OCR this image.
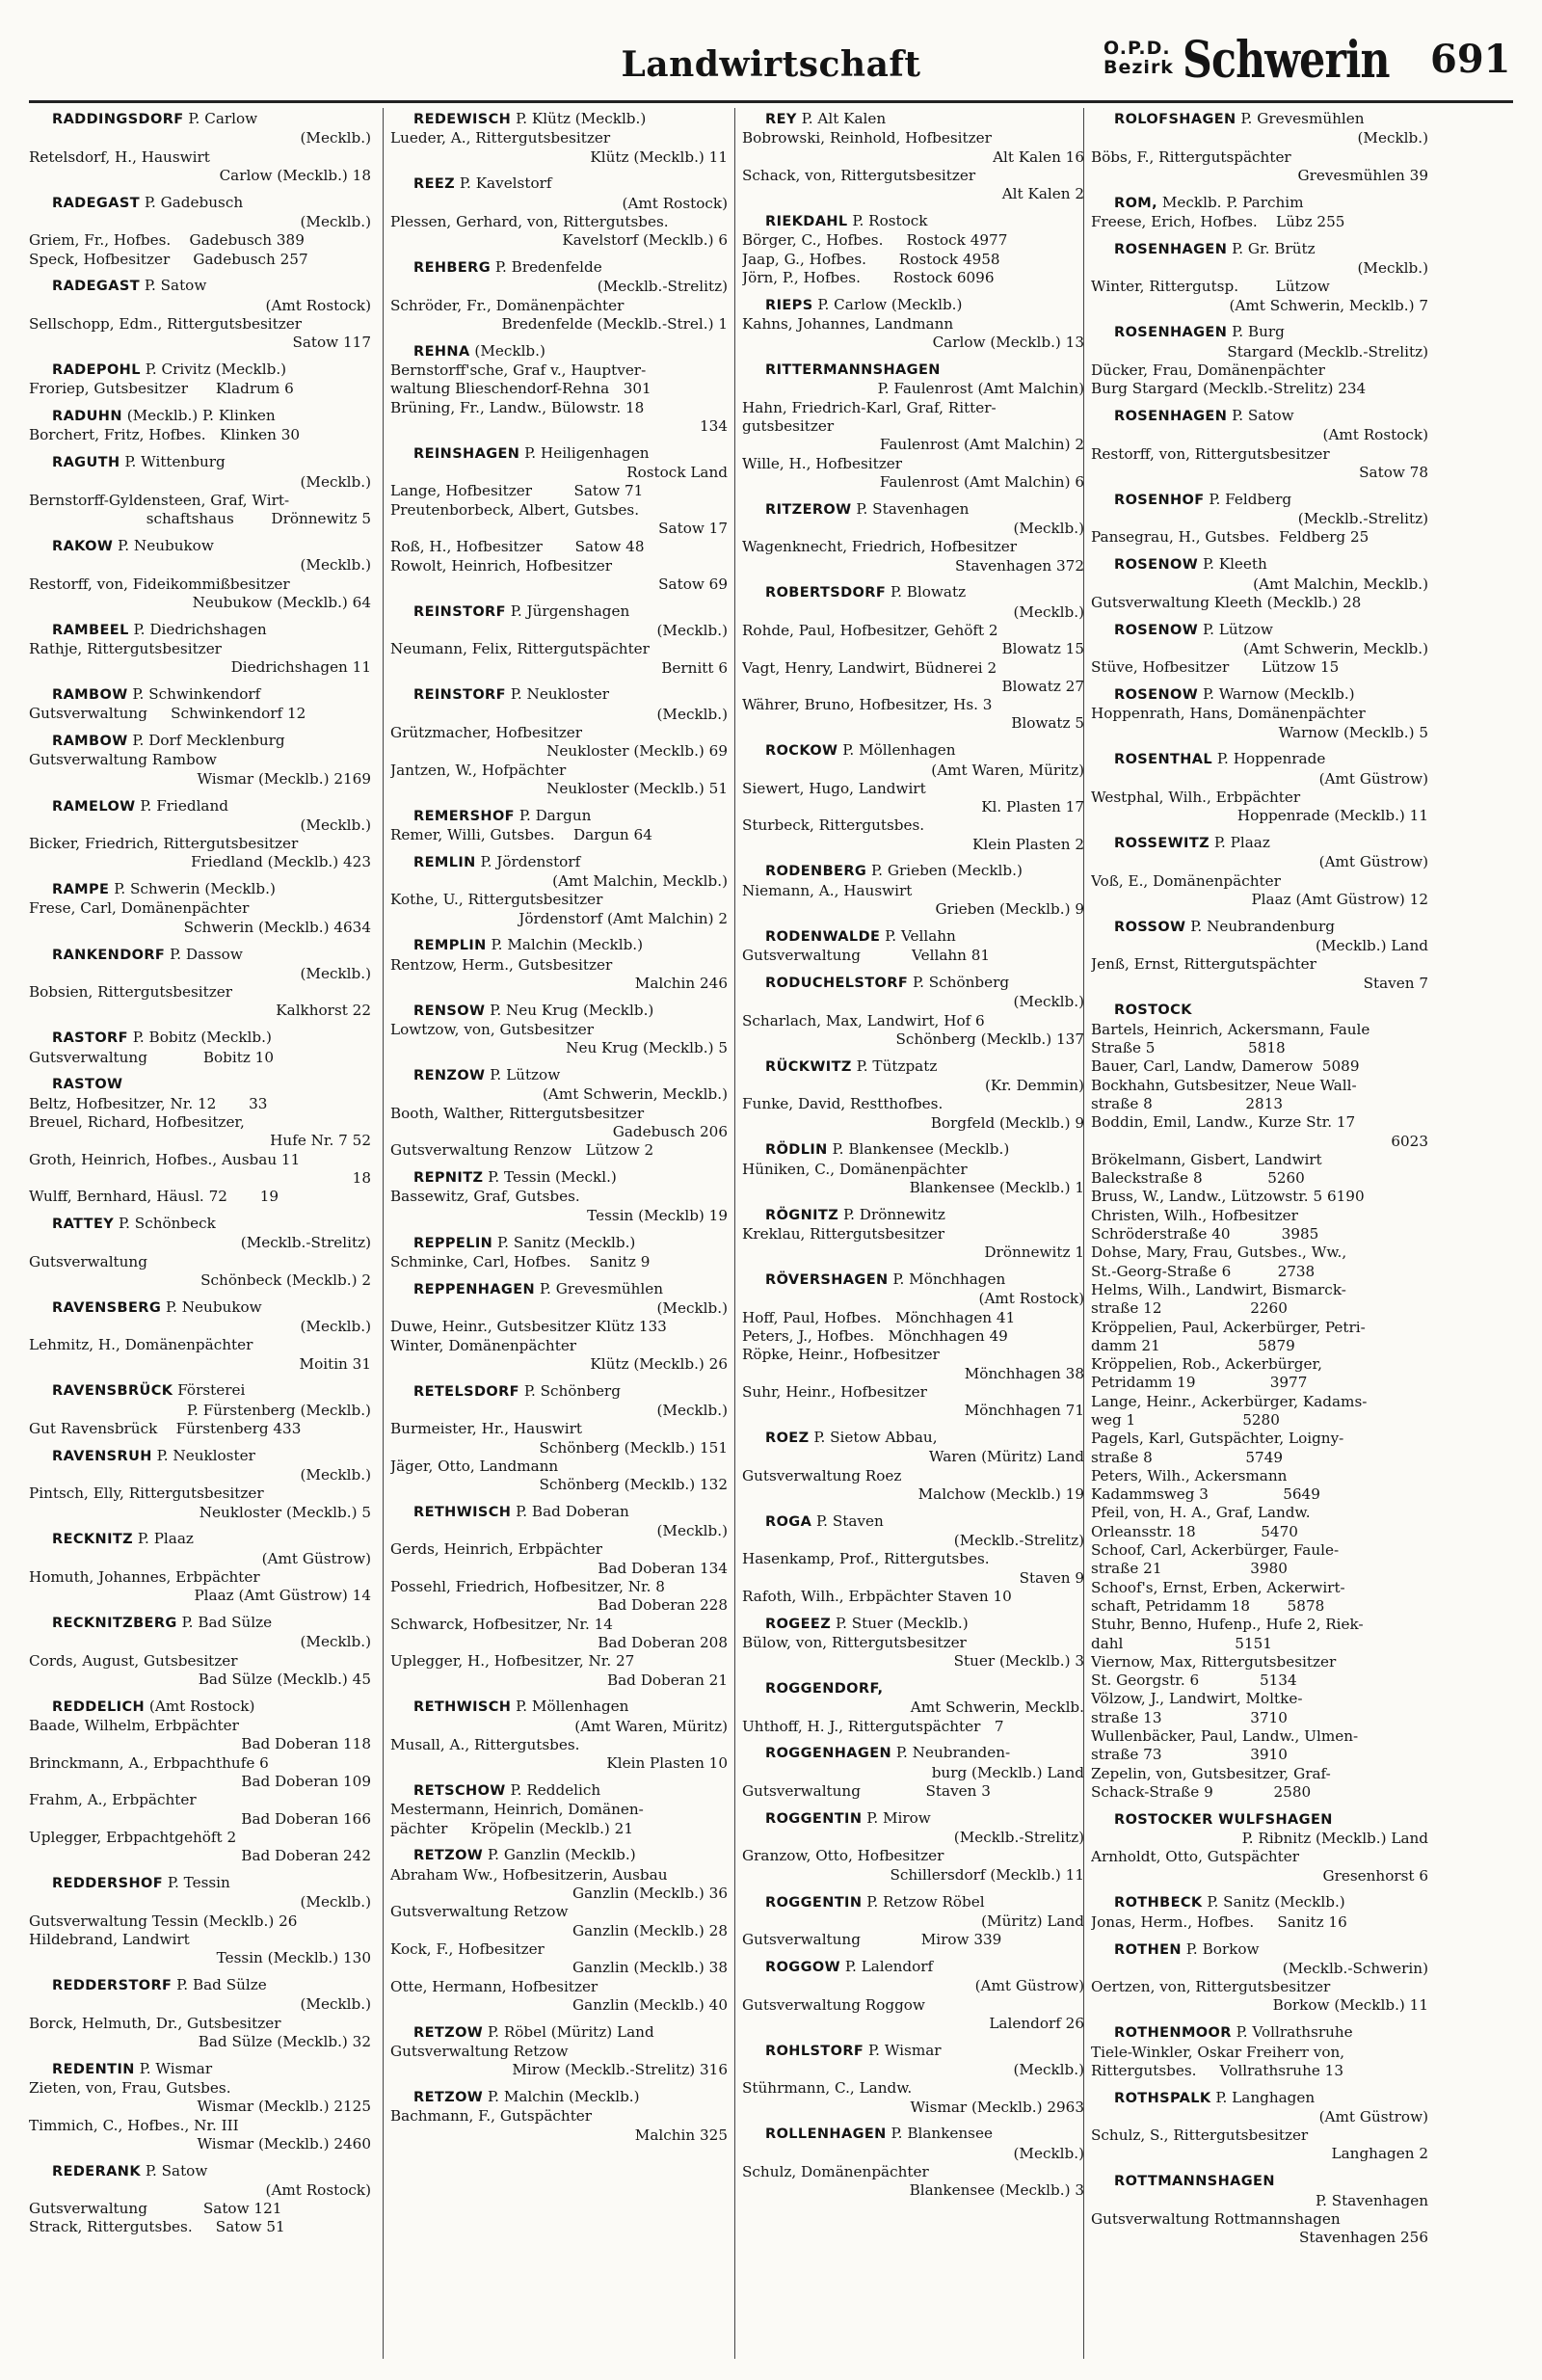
Landwirtschaft	O.P.D.
Bezirk Schwerin 691
RADDINGSDORF P. Carlow
(Mecklb.)
Retelsdorf, H., Hauswirt
Carlow (Mecklb.) 18
RADEGAST P. Gadebusch
(Mecklb.)
Griem, Fr., Hofbes.    Gadebusch 389
Speck, Hofbesitzer     Gadebusch 257
RADEGAST P. Satow
(Amt Rostock)
Sellschopp, Edm., Rittergutsbesitzer
Satow 117
RADEPOHL P. Crivitz (Mecklb.)
Froriep, Gutsbesitzer      Kladrum 6
RADUHN (Mecklb.) P. Klinken
Borchert, Fritz, Hofbes.   Klinken 30
RAGUTH P. Wittenburg
(Mecklb.)
Bernstorff-Gyldensteen, Graf, Wirt-
schaftshaus        Drönnewitz 5
RAKOW P. Neubukow
(Mecklb.)
Restorff, von, Fideikommißbesitzer
Neubukow (Mecklb.) 64
RAMBEEL P. Diedrichshagen
Rathje, Rittergutsbesitzer
Diedrichshagen 11
RAMBOW P. Schwinkendorf
Gutsverwaltung     Schwinkendorf 12
RAMBOW P. Dorf Mecklenburg
Gutsverwaltung Rambow
Wismar (Mecklb.) 2169
RAMELOW P. Friedland
(Mecklb.)
Bicker, Friedrich, Rittergutsbesitzer
Friedland (Mecklb.) 423
RAMPE P. Schwerin (Mecklb.)
Frese, Carl, Domänenpächter
Schwerin (Mecklb.) 4634
RANKENDORF P. Dassow
(Mecklb.)
Bobsien, Rittergutsbesitzer
Kalkhorst 22
RASTORF P. Bobitz (Mecklb.)
Gutsverwaltung            Bobitz 10
RASTOW
Beltz, Hofbesitzer, Nr. 12       33
Breuel, Richard, Hofbesitzer,
Hufe Nr. 7 52
Groth, Heinrich, Hofbes., Ausbau 11
18
Wulff, Bernhard, Häusl. 72       19
RATTEY P. Schönbeck
(Mecklb.-Strelitz)
Gutsverwaltung
Schönbeck (Mecklb.) 2
RAVENSBERG P. Neubukow
(Mecklb.)
Lehmitz, H., Domänenpächter
Moitin 31
RAVENSBRÜCK Försterei
P. Fürstenberg (Mecklb.)
Gut Ravensbrück    Fürstenberg 433
RAVENSRUH P. Neukloster
(Mecklb.)
Pintsch, Elly, Rittergutsbesitzer
Neukloster (Mecklb.) 5
RECKNITZ P. Plaaz
(Amt Güstrow)
Homuth, Johannes, Erbpächter
Plaaz (Amt Güstrow) 14
RECKNITZBERG P. Bad Sülze
(Mecklb.)
Cords, August, Gutsbesitzer
Bad Sülze (Mecklb.) 45
REDDELICH (Amt Rostock)
Baade, Wilhelm, Erbpächter
Bad Doberan 118
Brinckmann, A., Erbpachthufe 6
Bad Doberan 109
Frahm, A., Erbpächter
Bad Doberan 166
Uplegger, Erbpachtgehöft 2
Bad Doberan 242
REDDERSHOF P. Tessin
(Mecklb.)
Gutsverwaltung Tessin (Mecklb.) 26
Hildebrand, Landwirt
Tessin (Mecklb.) 130
REDDERSTORF P. Bad Sülze
(Mecklb.)
Borck, Helmuth, Dr., Gutsbesitzer
Bad Sülze (Mecklb.) 32
REDENTIN P. Wismar
Zieten, von, Frau, Gutsbes.
Wismar (Mecklb.) 2125
Timmich, C., Hofbes., Nr. III
Wismar (Mecklb.) 2460
REDERANK P. Satow
(Amt Rostock)
Gutsverwaltung            Satow 121
Strack, Rittergutsbes.     Satow 51
REDEWISCH P. Klütz (Mecklb.)
Lueder, A., Rittergutsbesitzer
Klütz (Mecklb.) 11
REEZ P. Kavelstorf
(Amt Rostock)
Plessen, Gerhard, von, Rittergutsbes.
Kavelstorf (Mecklb.) 6
REHBERG P. Bredenfelde
(Mecklb.-Strelitz)
Schröder, Fr., Domänenpächter
Bredenfelde (Mecklb.-Strel.) 1
REHNA (Mecklb.)
Bernstorff'sche, Graf v., Hauptver-
waltung Blieschendorf-Rehna   301
Brüning, Fr., Landw., Bülowstr. 18
134
REINSHAGEN P. Heiligenhagen
Rostock Land
Lange, Hofbesitzer         Satow 71
Preutenborbeck, Albert, Gutsbes.
Satow 17
Roß, H., Hofbesitzer       Satow 48
Rowolt, Heinrich, Hofbesitzer
Satow 69
REINSTORF P. Jürgenshagen
(Mecklb.)
Neumann, Felix, Rittergutspächter
Bernitt 6
REINSTORF P. Neukloster
(Mecklb.)
Grützmacher, Hofbesitzer
Neukloster (Mecklb.) 69
Jantzen, W., Hofpächter
Neukloster (Mecklb.) 51
REMERSHOF P. Dargun
Remer, Willi, Gutsbes.    Dargun 64
REMLIN P. Jördenstorf
(Amt Malchin, Mecklb.)
Kothe, U., Rittergutsbesitzer
Jördenstorf (Amt Malchin) 2
REMPLIN P. Malchin (Mecklb.)
Rentzow, Herm., Gutsbesitzer
Malchin 246
RENSOW P. Neu Krug (Mecklb.)
Lowtzow, von, Gutsbesitzer
Neu Krug (Mecklb.) 5
RENZOW P. Lützow
(Amt Schwerin, Mecklb.)
Booth, Walther, Rittergutsbesitzer
Gadebusch 206
Gutsverwaltung Renzow   Lützow 2
REPNITZ P. Tessin (Meckl.)
Bassewitz, Graf, Gutsbes.
Tessin (Mecklb) 19
REPPELIN P. Sanitz (Mecklb.)
Schminke, Carl, Hofbes.    Sanitz 9
REPPENHAGEN P. Grevesmühlen
(Mecklb.)
Duwe, Heinr., Gutsbesitzer Klütz 133
Winter, Domänenpächter
Klütz (Mecklb.) 26
RETELSDORF P. Schönberg
(Mecklb.)
Burmeister, Hr., Hauswirt
Schönberg (Mecklb.) 151
Jäger, Otto, Landmann
Schönberg (Mecklb.) 132
RETHWISCH P. Bad Doberan
(Mecklb.)
Gerds, Heinrich, Erbpächter
Bad Doberan 134
Possehl, Friedrich, Hofbesitzer, Nr. 8
Bad Doberan 228
Schwarck, Hofbesitzer, Nr. 14
Bad Doberan 208
Uplegger, H., Hofbesitzer, Nr. 27
Bad Doberan 21
RETHWISCH P. Möllenhagen
(Amt Waren, Müritz)
Musall, A., Rittergutsbes.
Klein Plasten 10
RETSCHOW P. Reddelich
Mestermann, Heinrich, Domänen-
pächter     Kröpelin (Mecklb.) 21
RETZOW P. Ganzlin (Mecklb.)
Abraham Ww., Hofbesitzerin, Ausbau
Ganzlin (Mecklb.) 36
Gutsverwaltung Retzow
Ganzlin (Mecklb.) 28
Kock, F., Hofbesitzer
Ganzlin (Mecklb.) 38
Otte, Hermann, Hofbesitzer
Ganzlin (Mecklb.) 40
RETZOW P. Röbel (Müritz) Land
Gutsverwaltung Retzow
Mirow (Mecklb.-Strelitz) 316
RETZOW P. Malchin (Mecklb.)
Bachmann, F., Gutspächter
Malchin 325
REY P. Alt Kalen
Bobrowski, Reinhold, Hofbesitzer
Alt Kalen 16
Schack, von, Rittergutsbesitzer
Alt Kalen 2
RIEKDAHL P. Rostock
Börger, C., Hofbes.     Rostock 4977
Jaap, G., Hofbes.       Rostock 4958
Jörn, P., Hofbes.       Rostock 6096
RIEPS P. Carlow (Mecklb.)
Kahns, Johannes, Landmann
Carlow (Mecklb.) 13
RITTERMANNSHAGEN
P. Faulenrost (Amt Malchin)
Hahn, Friedrich-Karl, Graf, Ritter-
gutsbesitzer
Faulenrost (Amt Malchin) 2
Wille, H., Hofbesitzer
Faulenrost (Amt Malchin) 6
RITZEROW P. Stavenhagen
(Mecklb.)
Wagenknecht, Friedrich, Hofbesitzer
Stavenhagen 372
ROBERTSDORF P. Blowatz
(Mecklb.)
Rohde, Paul, Hofbesitzer, Gehöft 2
Blowatz 15
Vagt, Henry, Landwirt, Büdnerei 2
Blowatz 27
Währer, Bruno, Hofbesitzer, Hs. 3
Blowatz 5
ROCKOW P. Möllenhagen
(Amt Waren, Müritz)
Siewert, Hugo, Landwirt
Kl. Plasten 17
Sturbeck, Rittergutsbes.
Klein Plasten 2
RODENBERG P. Grieben (Mecklb.)
Niemann, A., Hauswirt
Grieben (Mecklb.) 9
RODENWALDE P. Vellahn
Gutsverwaltung           Vellahn 81
RODUCHELSTORF P. Schönberg
(Mecklb.)
Scharlach, Max, Landwirt, Hof 6
Schönberg (Mecklb.) 137
RÜCKWITZ P. Tützpatz
(Kr. Demmin)
Funke, David, Restthofbes.
Borgfeld (Mecklb.) 9
RÖDLIN P. Blankensee (Mecklb.)
Hüniken, C., Domänenpächter
Blankensee (Mecklb.) 1
RÖGNITZ P. Drönnewitz
Kreklau, Rittergutsbesitzer
Drönnewitz 1
RÖVERSHAGEN P. Mönchhagen
(Amt Rostock)
Hoff, Paul, Hofbes.   Mönchhagen 41
Peters, J., Hofbes.   Mönchhagen 49
Röpke, Heinr., Hofbesitzer
Mönchhagen 38
Suhr, Heinr., Hofbesitzer
Mönchhagen 71
ROEZ P. Sietow Abbau,
Waren (Müritz) Land
Gutsverwaltung Roez
Malchow (Mecklb.) 19
ROGA P. Staven
(Mecklb.-Strelitz)
Hasenkamp, Prof., Rittergutsbes.
Staven 9
Rafoth, Wilh., Erbpächter Staven 10
ROGEEZ P. Stuer (Mecklb.)
Bülow, von, Rittergutsbesitzer
Stuer (Mecklb.) 3
ROGGENDORF,
Amt Schwerin, Mecklb.
Uhthoff, H. J., Rittergutspächter   7
ROGGENHAGEN P. Neubranden-
burg (Mecklb.) Land
Gutsverwaltung              Staven 3
ROGGENTIN P. Mirow
(Mecklb.-Strelitz)
Granzow, Otto, Hofbesitzer
Schillersdorf (Mecklb.) 11
ROGGENTIN P. Retzow Röbel
(Müritz) Land
Gutsverwaltung             Mirow 339
ROGGOW P. Lalendorf
(Amt Güstrow)
Gutsverwaltung Roggow
Lalendorf 26
ROHLSTORF P. Wismar
(Mecklb.)
Stührmann, C., Landw.
Wismar (Mecklb.) 2963
ROLLENHAGEN P. Blankensee
(Mecklb.)
Schulz, Domänenpächter
Blankensee (Mecklb.) 3
ROLOFSHAGEN P. Grevesmühlen
(Mecklb.)
Böbs, F., Rittergutspächter
Grevesmühlen 39
ROM, Mecklb. P. Parchim
Freese, Erich, Hofbes.    Lübz 255
ROSENHAGEN P. Gr. Brütz
(Mecklb.)
Winter, Rittergutsp.        Lützow
(Amt Schwerin, Mecklb.) 7
ROSENHAGEN P. Burg
Stargard (Mecklb.-Strelitz)
Dücker, Frau, Domänenpächter
Burg Stargard (Mecklb.-Strelitz) 234
ROSENHAGEN P. Satow
(Amt Rostock)
Restorff, von, Rittergutsbesitzer
Satow 78
ROSENHOF P. Feldberg
(Mecklb.-Strelitz)
Pansegrau, H., Gutsbes.  Feldberg 25
ROSENOW P. Kleeth
(Amt Malchin, Mecklb.)
Gutsverwaltung Kleeth (Mecklb.) 28
ROSENOW P. Lützow
(Amt Schwerin, Mecklb.)
Stüve, Hofbesitzer       Lützow 15
ROSENOW P. Warnow (Mecklb.)
Hoppenrath, Hans, Domänenpächter
Warnow (Mecklb.) 5
ROSENTHAL P. Hoppenrade
(Amt Güstrow)
Westphal, Wilh., Erbpächter
Hoppenrade (Mecklb.) 11
ROSSEWITZ P. Plaaz
(Amt Güstrow)
Voß, E., Domänenpächter
Plaaz (Amt Güstrow) 12
ROSSOW P. Neubrandenburg
(Mecklb.) Land
Jenß, Ernst, Rittergutspächter
Staven 7
ROSTOCK
Bartels, Heinrich, Ackersmann, Faule
Straße 5                    5818
Bauer, Carl, Landw, Damerow  5089
Bockhahn, Gutsbesitzer, Neue Wall-
straße 8                    2813
Boddin, Emil, Landw., Kurze Str. 17
6023
Brökelmann, Gisbert, Landwirt
Baleckstraße 8              5260
Bruss, W., Landw., Lützowstr. 5 6190
Christen, Wilh., Hofbesitzer
Schröderstraße 40           3985
Dohse, Mary, Frau, Gutsbes., Ww.,
St.-Georg-Straße 6          2738
Helms, Wilh., Landwirt, Bismarck-
straße 12                   2260
Kröppelien, Paul, Ackerbürger, Petri-
damm 21                     5879
Kröppelien, Rob., Ackerbürger,
Petridamm 19                3977
Lange, Heinr., Ackerbürger, Kadams-
weg 1                       5280
Pagels, Karl, Gutspächter, Loigny-
straße 8                    5749
Peters, Wilh., Ackersmann
Kadammsweg 3                5649
Pfeil, von, H. A., Graf, Landw.
Orleansstr. 18              5470
Schoof, Carl, Ackerbürger, Faule-
straße 21                   3980
Schoof's, Ernst, Erben, Ackerwirt-
schaft, Petridamm 18        5878
Stuhr, Benno, Hufenp., Hufe 2, Riek-
dahl                        5151
Viernow, Max, Rittergutsbesitzer
St. Georgstr. 6             5134
Völzow, J., Landwirt, Moltke-
straße 13                   3710
Wullenbäcker, Paul, Landw., Ulmen-
straße 73                   3910
Zepelin, von, Gutsbesitzer, Graf-
Schack-Straße 9             2580
ROSTOCKER WULFSHAGEN
P. Ribnitz (Mecklb.) Land
Arnholdt, Otto, Gutspächter
Gresenhorst 6
ROTHBECK P. Sanitz (Mecklb.)
Jonas, Herm., Hofbes.     Sanitz 16
ROTHEN P. Borkow
(Mecklb.-Schwerin)
Oertzen, von, Rittergutsbesitzer
Borkow (Mecklb.) 11
ROTHENMOOR P. Vollrathsruhe
Tiele-Winkler, Oskar Freiherr von,
Rittergutsbes.     Vollrathsruhe 13
ROTHSPALK P. Langhagen
(Amt Güstrow)
Schulz, S., Rittergutsbesitzer
Langhagen 2
ROTTMANNSHAGEN
P. Stavenhagen
Gutsverwaltung Rottmannshagen
Stavenhagen 256
